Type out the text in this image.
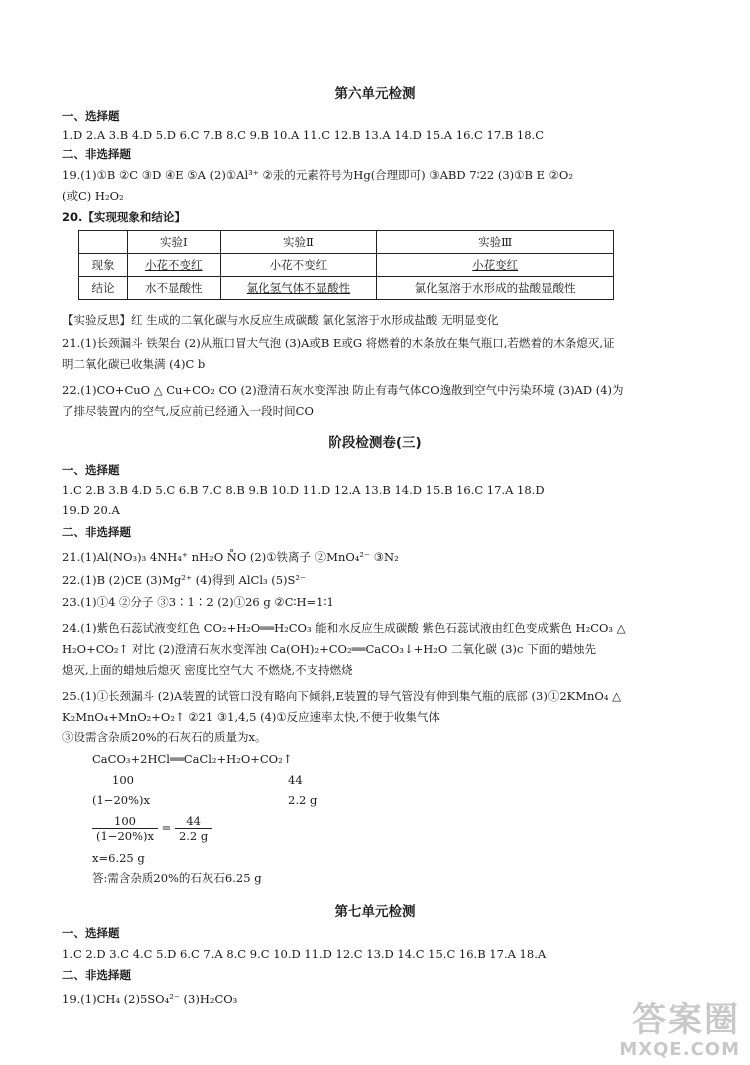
第六单元检测
一、选择题
1.D 2.A 3.B 4.D 5.D 6.C 7.B 8.C 9.B 10.A 11.C 12.B 13.A 14.D 15.A 16.C 17.B 18.C
二、非选择题
19.(1)①B ②C ③D ④E ⑤A (2)①Al³⁺ ②汞的元素符号为Hg(合理即可) ③ABD 7∶22 (3)①B E ②O₂
(或C) H₂O₂
20.【实现现象和结论】
	实验Ⅰ	实验Ⅱ	实验Ⅲ
现象	小花不变红	小花不变红	小花变红
结论	水不显酸性	氯化氢气体不显酸性	氯化氢溶于水形成的盐酸显酸性
【实验反思】红 生成的二氧化碳与水反应生成碳酸 氯化氢溶于水形成盐酸 无明显变化
21.(1)长颈漏斗 铁架台 (2)从瓶口冒大气泡 (3)A或B E或G 将燃着的木条放在集气瓶口,若燃着的木条熄灭,证
明二氧化碳已收集满 (4)C b
22.(1)CO+CuO △ Cu+CO₂ CO (2)澄清石灰水变浑浊 防止有毒气体CO逸散到空气中污染环境 (3)AD (4)为
了排尽装置内的空气,反应前已经通入一段时间CO
阶段检测卷(三)
一、选择题
1.C 2.B 3.B 4.D 5.C 6.B 7.C 8.B 9.B 10.D 11.D 12.A 13.B 14.D 15.B 16.C 17.A 18.D
19.D 20.A
二、非选择题
21.(1)Al(NO₃)₃ 4NH₄⁺ nH₂O N̊O (2)①铁离子 ②MnO₄²⁻ ③N₂
22.(1)B (2)CE (3)Mg²⁺ (4)得到 AlCl₃ (5)S²⁻
23.(1)①4 ②分子 ③3∶1∶2 (2)①26 g ②C∶H=1∶1
24.(1)紫色石蕊试液变红色 CO₂+H₂O══H₂CO₃ 能和水反应生成碳酸 紫色石蕊试液由红色变成紫色 H₂CO₃ △
H₂O+CO₂↑ 对比 (2)澄清石灰水变浑浊 Ca(OH)₂+CO₂══CaCO₃↓+H₂O 二氧化碳 (3)c 下面的蜡烛先
熄灭,上面的蜡烛后熄灭 密度比空气大 不燃烧,不支持燃烧
25.(1)①长颈漏斗 (2)A装置的试管口没有略向下倾斜,E装置的导气管没有伸到集气瓶的底部 (3)①2KMnO₄ △
K₂MnO₄+MnO₂+O₂↑ ②21 ③1,4,5 (4)①反应速率太快,不便于收集气体
③设需含杂质20%的石灰石的质量为x。
CaCO₃+2HCl══CaCl₂+H₂O+CO₂↑
100	44
(1−20%)x	2.2 g
$\frac{100}{(1-20\%)x} = \frac{44}{2.2 g}$
x=6.25 g
答:需含杂质20%的石灰石6.25 g
第七单元检测
一、选择题
1.C 2.D 3.C 4.C 5.D 6.C 7.A 8.C 9.C 10.D 11.D 12.C 13.D 14.C 15.C 16.B 17.A 18.A
二、非选择题
19.(1)CH₄ (2)5SO₄²⁻ (3)H₂CO₃
答案圈
MXQE.COM
